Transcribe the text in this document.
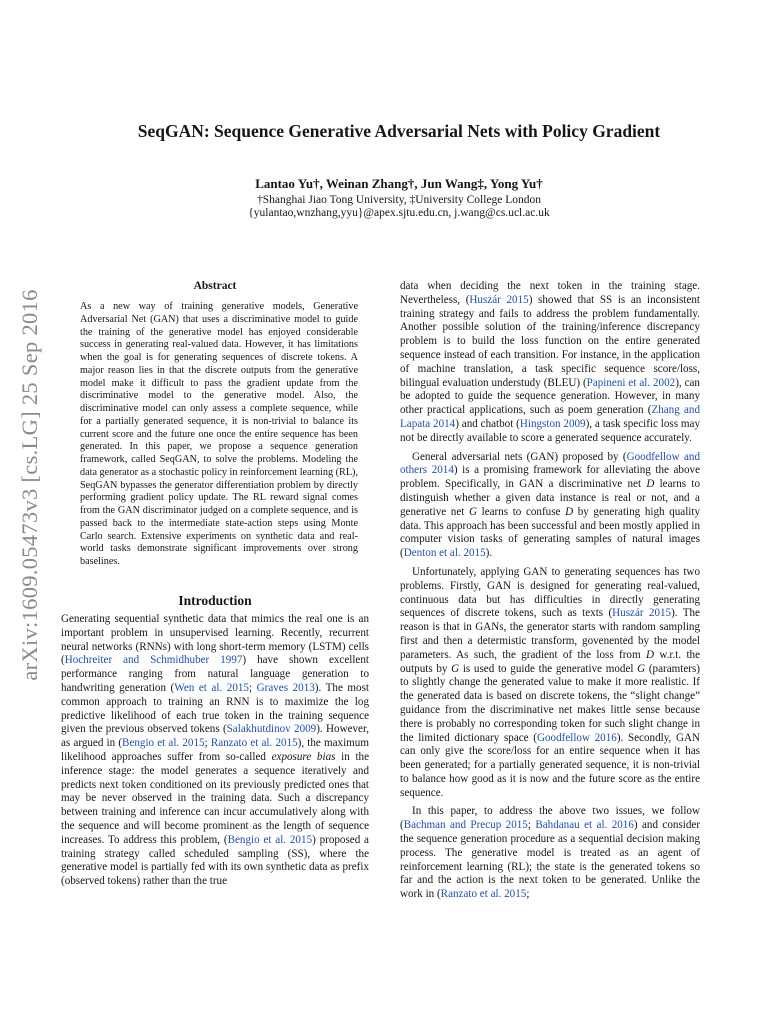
arXiv:1609.05473v3 [cs.LG] 25 Sep 2016
SeqGAN: Sequence Generative Adversarial Nets with Policy Gradient
Lantao Yu†, Weinan Zhang†, Jun Wang‡, Yong Yu†
†Shanghai Jiao Tong University, ‡University College London
{yulantao,wnzhang,yyu}@apex.sjtu.edu.cn, j.wang@cs.ucl.ac.uk
Abstract

As a new way of training generative models, Generative Adversarial Net (GAN) that uses a discriminative model to guide the training of the generative model has enjoyed considerable success in generating real-valued data. However, it has limitations when the goal is for generating sequences of discrete tokens. A major reason lies in that the discrete outputs from the generative model make it difficult to pass the gradient update from the discriminative model to the generative model. Also, the discriminative model can only assess a complete sequence, while for a partially generated sequence, it is non-trivial to balance its current score and the future one once the entire sequence has been generated. In this paper, we propose a sequence generation framework, called SeqGAN, to solve the problems. Modeling the data generator as a stochastic policy in reinforcement learning (RL), SeqGAN bypasses the generator differentiation problem by directly performing gradient policy update. The RL reward signal comes from the GAN discriminator judged on a complete sequence, and is passed back to the intermediate state-action steps using Monte Carlo search. Extensive experiments on synthetic data and real-world tasks demonstrate significant improvements over strong baselines.

Introduction

Generating sequential synthetic data that mimics the real one is an important problem in unsupervised learning. Recently, recurrent neural networks (RNNs) with long short-term memory (LSTM) cells (Hochreiter and Schmidhuber 1997) have shown excellent performance ranging from natural language generation to handwriting generation (Wen et al. 2015; Graves 2013). The most common approach to training an RNN is to maximize the log predictive likelihood of each true token in the training sequence given the previous observed tokens (Salakhutdinov 2009). However, as argued in (Bengio et al. 2015; Ranzato et al. 2015), the maximum likelihood approaches suffer from so-called exposure bias in the inference stage: the model generates a sequence iteratively and predicts next token conditioned on its previously predicted ones that may be never observed in the training data. Such a discrepancy between training and inference can incur accumulatively along with the sequence and will become prominent as the length of sequence increases. To address this problem, (Bengio et al. 2015) proposed a training strategy called scheduled sampling (SS), where the generative model is partially fed with its own synthetic data as prefix (observed tokens) rather than the true

data when deciding the next token in the training stage. Nevertheless, (Huszár 2015) showed that SS is an inconsistent training strategy and fails to address the problem fundamentally. Another possible solution of the training/inference discrepancy problem is to build the loss function on the entire generated sequence instead of each transition. For instance, in the application of machine translation, a task specific sequence score/loss, bilingual evaluation understudy (BLEU) (Papineni et al. 2002), can be adopted to guide the sequence generation. However, in many other practical applications, such as poem generation (Zhang and Lapata 2014) and chatbot (Hingston 2009), a task specific loss may not be directly available to score a generated sequence accurately.

General adversarial nets (GAN) proposed by (Goodfellow and others 2014) is a promising framework for alleviating the above problem. Specifically, in GAN a discriminative net D learns to distinguish whether a given data instance is real or not, and a generative net G learns to confuse D by generating high quality data. This approach has been successful and been mostly applied in computer vision tasks of generating samples of natural images (Denton et al. 2015).

Unfortunately, applying GAN to generating sequences has two problems. Firstly, GAN is designed for generating real-valued, continuous data but has difficulties in directly generating sequences of discrete tokens, such as texts (Huszár 2015). The reason is that in GANs, the generator starts with random sampling first and then a determistic transform, govenented by the model parameters. As such, the gradient of the loss from D w.r.t. the outputs by G is used to guide the generative model G (paramters) to slightly change the generated value to make it more realistic. If the generated data is based on discrete tokens, the “slight change” guidance from the discriminative net makes little sense because there is probably no corresponding token for such slight change in the limited dictionary space (Goodfellow 2016). Secondly, GAN can only give the score/loss for an entire sequence when it has been generated; for a partially generated sequence, it is non-trivial to balance how good as it is now and the future score as the entire sequence.

In this paper, to address the above two issues, we follow (Bachman and Precup 2015; Bahdanau et al. 2016) and consider the sequence generation procedure as a sequential decision making process. The generative model is treated as an agent of reinforcement learning (RL); the state is the generated tokens so far and the action is the next token to be generated. Unlike the work in (Ranzato et al. 2015;
